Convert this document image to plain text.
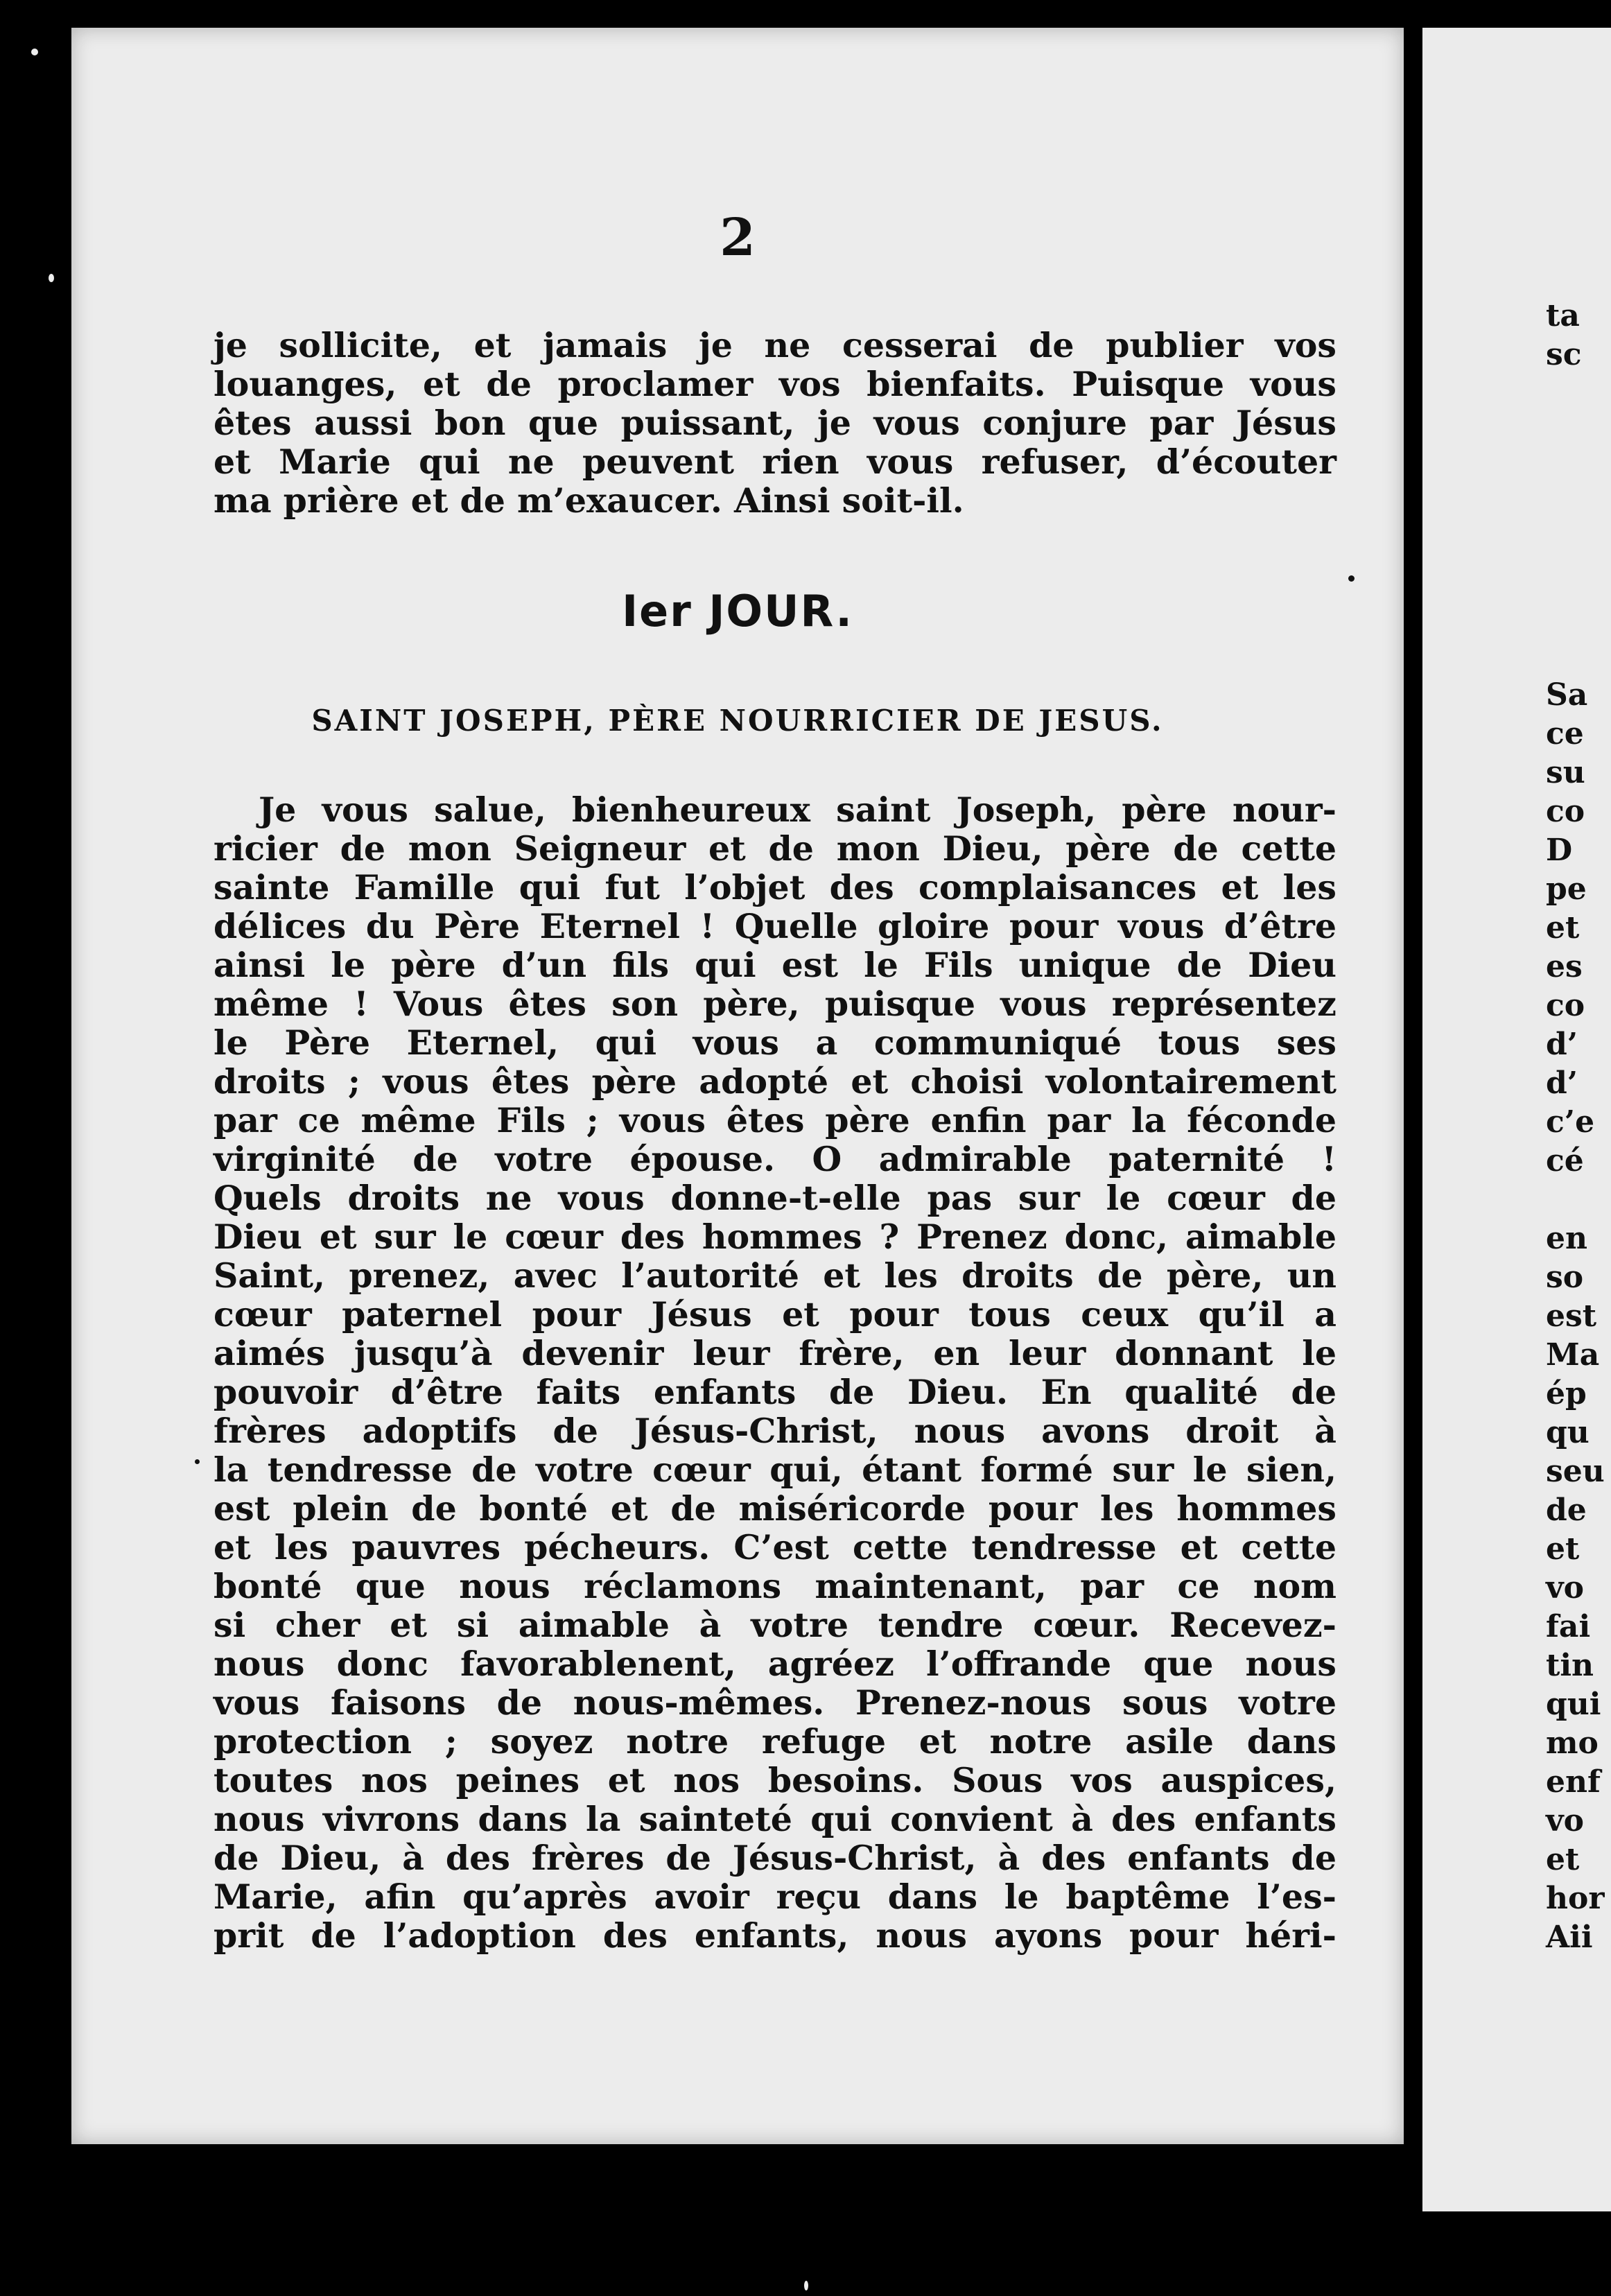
2
je sollicite, et jamais je ne cesserai de publier vos
louanges, et de proclamer vos bienfaits. Puisque vous
êtes aussi bon que puissant, je vous conjure par Jésus
et Marie qui ne peuvent rien vous refuser, d’écouter
ma prière et de m’exaucer. Ainsi soit-il.
Ier JOUR.
SAINT JOSEPH, PÈRE NOURRICIER DE JESUS.
Je vous salue, bienheureux saint Joseph, père nour-
ricier de mon Seigneur et de mon Dieu, père de cette
sainte Famille qui fut l’objet des complaisances et les
délices du Père Eternel ! Quelle gloire pour vous d’être
ainsi le père d’un fils qui est le Fils unique de Dieu
même ! Vous êtes son père, puisque vous représentez
le Père Eternel, qui vous a communiqué tous ses
droits ; vous êtes père adopté et choisi volontairement
par ce même Fils ; vous êtes père enfin par la féconde
virginité de votre épouse. O admirable paternité !
Quels droits ne vous donne-t-elle pas sur le cœur de
Dieu et sur le cœur des hommes ? Prenez donc, aimable
Saint, prenez, avec l’autorité et les droits de père, un
cœur paternel pour Jésus et pour tous ceux qu’il a
aimés jusqu’à devenir leur frère, en leur donnant le
pouvoir d’être faits enfants de Dieu. En qualité de
frères adoptifs de Jésus-Christ, nous avons droit à
la tendresse de votre cœur qui, étant formé sur le sien,
est plein de bonté et de miséricorde pour les hommes
et les pauvres pécheurs. C’est cette tendresse et cette
bonté que nous réclamons maintenant, par ce nom
si cher et si aimable à votre tendre cœur. Recevez-
nous donc favorablenent, agréez l’offrande que nous
vous faisons de nous-mêmes. Prenez-nous sous votre
protection ; soyez notre refuge et notre asile dans
toutes nos peines et nos besoins. Sous vos auspices,
nous vivrons dans la sainteté qui convient à des enfants
de Dieu, à des frères de Jésus-Christ, à des enfants de
Marie, afin qu’après avoir reçu dans le baptême l’es-
prit de l’adoption des enfants, nous ayons pour héri-
ta
sc
Sa
ce
su
co
D
pe
et
es
co
d’
d’
c’e
cé
en
so
est
Ma
ép
qu
seu
de
et
vo
fai
tin
qui
mo
enf
vo
et
hor
Aii
